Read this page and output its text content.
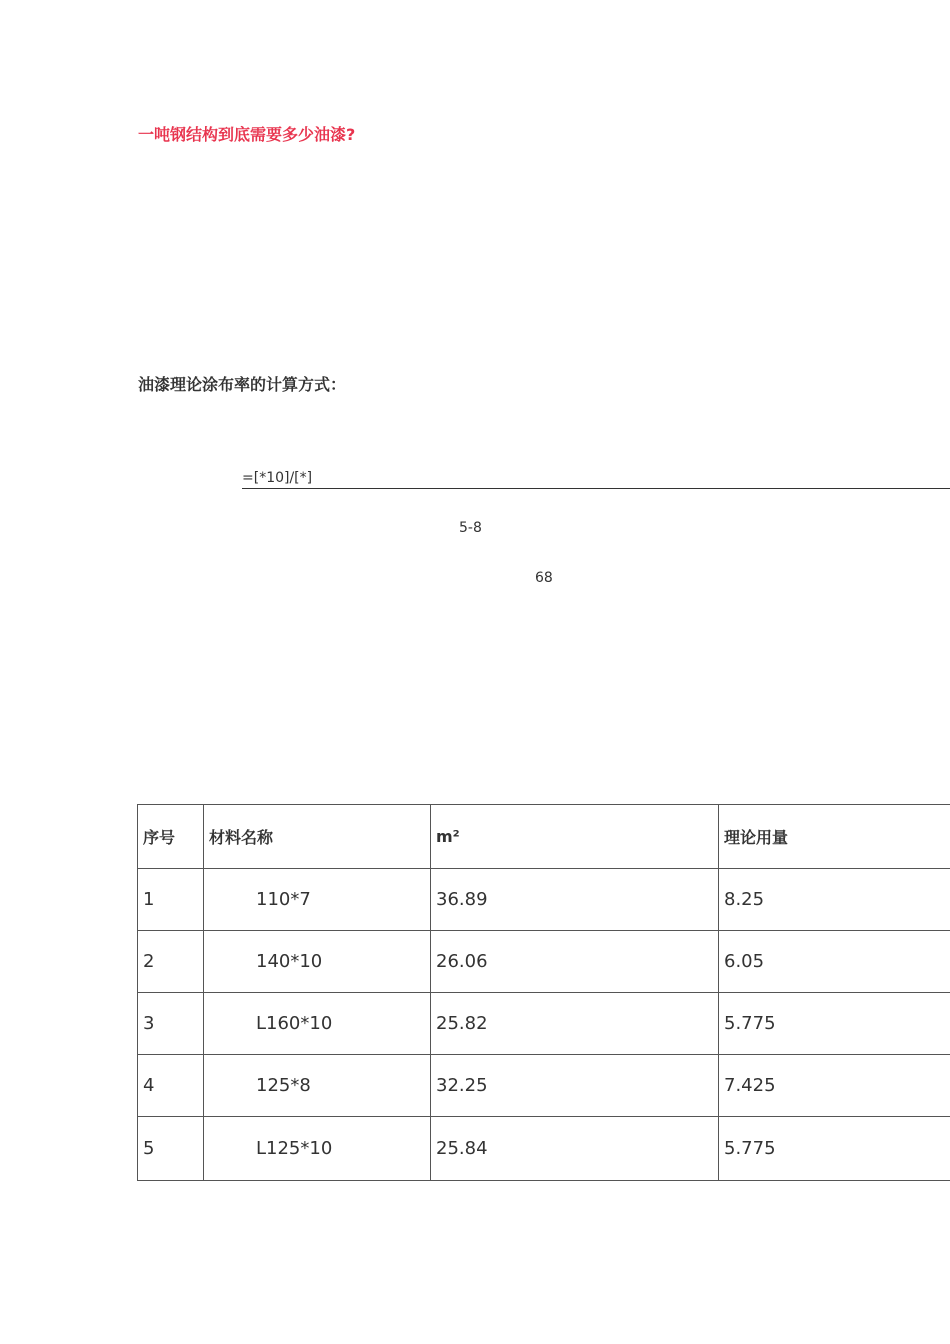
一吨钢结构到底需要多少油漆?
油漆理论涂布率的计算方式：
=[*10]/[*]
5-8
68
序号	材料名称	m²	理论用量
1	110*7	36.89	8.25
2	140*10	26.06	6.05
3	L160*10	25.82	5.775
4	125*8	32.25	7.425
5	L125*10	25.84	5.775
